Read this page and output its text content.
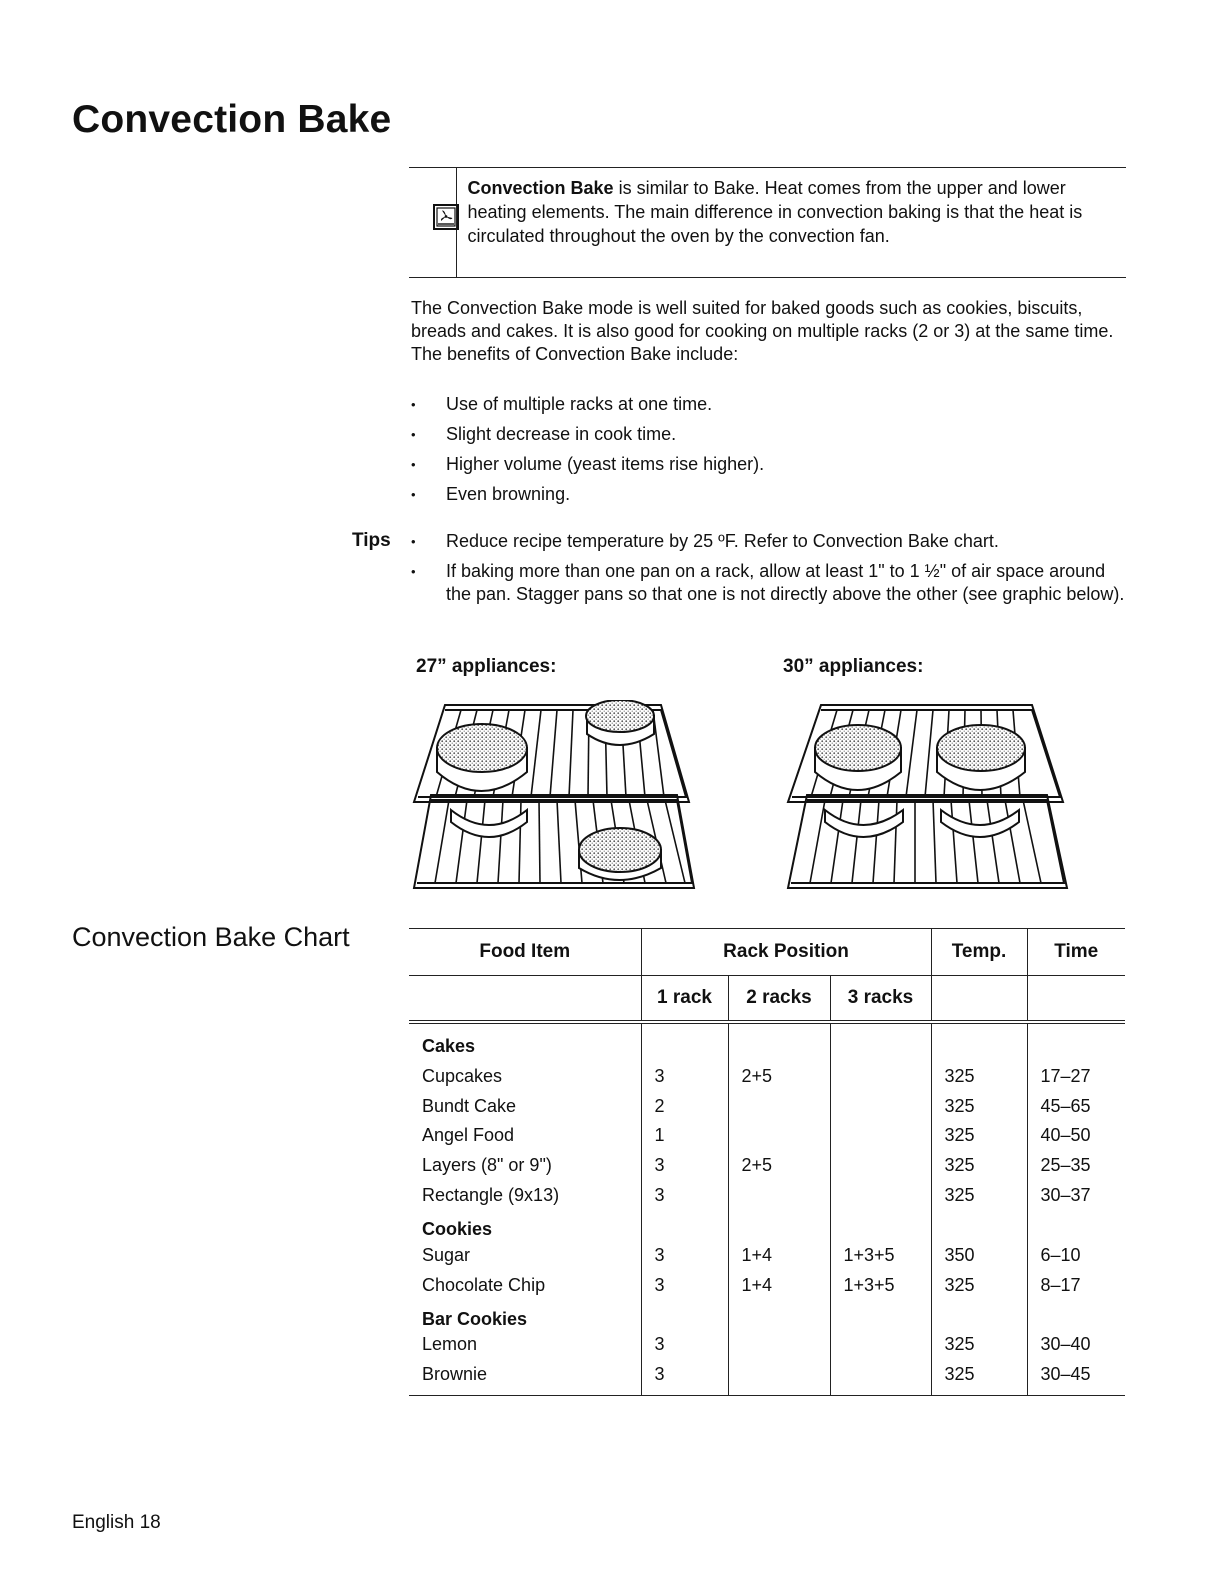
Convection Bake
Convection Bake is similar to Bake. Heat comes from the upper and lower heating elements. The main difference in convection baking is that the heat is circulated throughout the oven by the convection fan.
The Convection Bake mode is well suited for baked goods such as cookies, biscuits, breads and cakes. It is also good for cooking on multiple racks (2 or 3) at the same time. The benefits of Convection Bake include:
• Use of multiple racks at one time.
• Slight decrease in cook time.
• Higher volume (yeast items rise higher).
• Even browning.
Tips	• Reduce recipe temperature by 25 ºF. Refer to Convection Bake chart.
• If baking more than one pan on a rack, allow at least 1" to 1 ½" of air space around the pan. Stagger pans so that one is not directly above the other (see graphic below).
27” appliances:	30” appliances:
Convection Bake Chart	Food Item	Rack Position			Temp.	Time
	1 rack	2 racks	3 racks		
Cakes					
Cupcakes	3	2+5		325	17–27
Bundt Cake	2			325	45–65
Angel Food	1			325	40–50
Layers (8" or 9")	3	2+5		325	25–35
Rectangle (9x13)	3			325	30–37
Cookies					
Sugar	3	1+4	1+3+5	350	6–10
Chocolate Chip	3	1+4	1+3+5	325	8–17
Bar Cookies					
Lemon	3			325	30–40
Brownie	3			325	30–45
English 18
